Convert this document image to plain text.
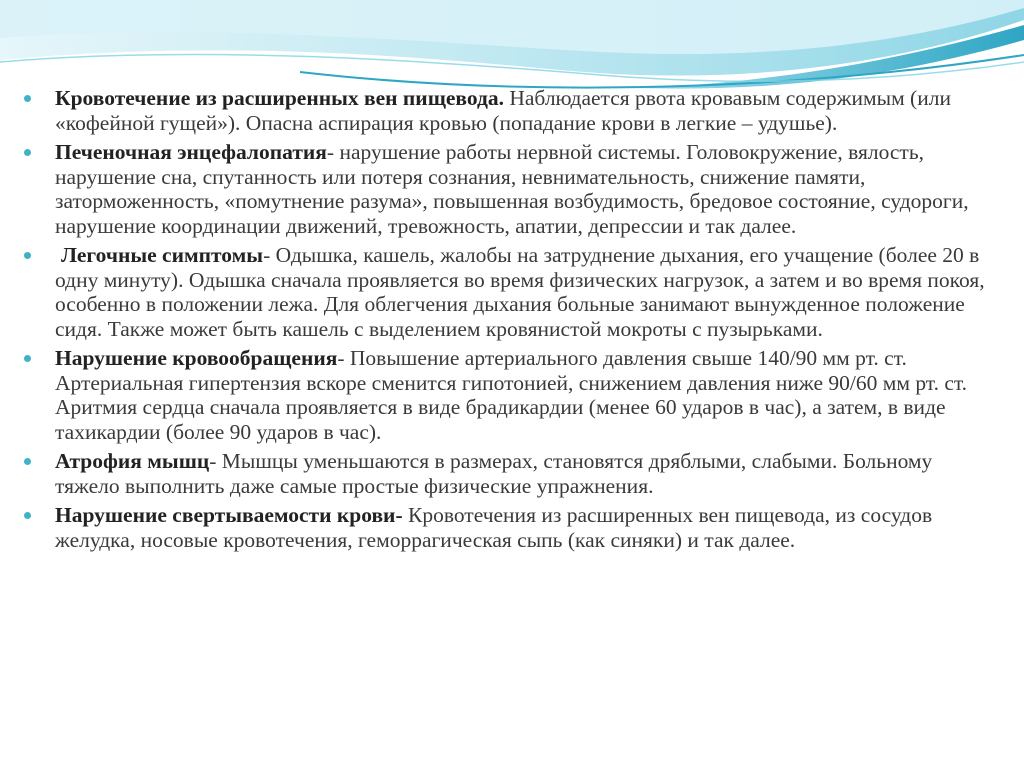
Кровотечение из расширенных вен пищевода. Наблюдается рвота кровавым содержимым (или «кофейной гущей»). Опасна аспирация кровью (попадание крови в легкие – удушье).
Печеночная энцефалопатия- нарушение работы нервной системы. Головокружение, вялость, нарушение сна, спутанность или потеря сознания, невнимательность, снижение памяти, заторможенность, «помутнение разума», повышенная возбудимость, бредовое состояние, судороги, нарушение координации движений, тревожность, апатии, депрессии и так далее.
Легочные симптомы- Одышка, кашель, жалобы на затруднение дыхания, его учащение (более 20 в одну минуту). Одышка сначала проявляется во время физических нагрузок, а затем и во время покоя, особенно в положении лежа. Для облегчения дыхания больные занимают вынужденное положение сидя. Также может быть кашель с выделением кровянистой мокроты с пузырьками.
Нарушение кровообращения- Повышение артериального давления свыше 140/90 мм рт. ст. Артериальная гипертензия вскоре сменится гипотонией, снижением давления ниже 90/60 мм рт. ст. Аритмия сердца сначала проявляется в виде брадикардии (менее 60 ударов в час), а затем, в виде тахикардии (более 90 ударов в час).
Атрофия мышц- Мышцы уменьшаются в размерах, становятся дряблыми, слабыми. Больному тяжело выполнить даже самые простые физические упражнения.
Нарушение свертываемости крови- Кровотечения из расширенных вен пищевода, из сосудов желудка, носовые кровотечения, геморрагическая сыпь (как синяки) и так далее.
